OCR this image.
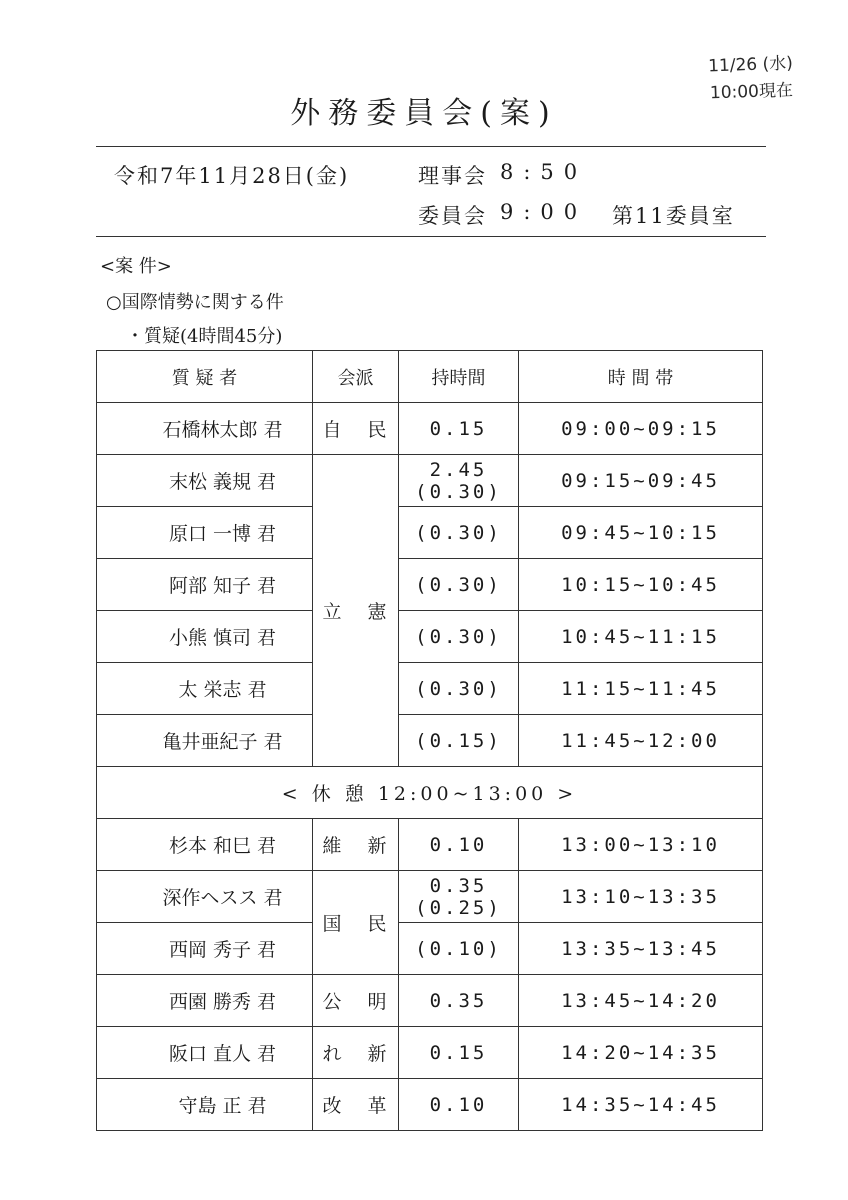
11/26 (水)
10:00現在
外務委員会(案)
令和7年11月28日(金)	理事会 8:50
委員会 9:00 第11委員室
<案 件>
○国際情勢に関する件
・質疑(4時間45分)
質 疑 者	会派	持時間	時 間 帯
石橋林太郎 君	自 民	0.15	09:00~09:15
末松 義規 君	立 憲	2.45
(0.30)	09:15~09:45
原口 一博 君		(0.30)	09:45~10:15
阿部 知子 君		(0.30)	10:15~10:45
小熊 慎司 君		(0.30)	10:45~11:15
太 栄志 君		(0.30)	11:15~11:45
亀井亜紀子 君		(0.15)	11:45~12:00
< 休 憩 12:00~13:00 >			
杉本 和巳 君	維 新	0.10	13:00~13:10
深作ヘスス 君	国 民	0.35
(0.25)	13:10~13:35
西岡 秀子 君		(0.10)	13:35~13:45
西園 勝秀 君	公 明	0.35	13:45~14:20
阪口 直人 君	れ 新	0.15	14:20~14:35
守島 正 君	改 革	0.10	14:35~14:45
